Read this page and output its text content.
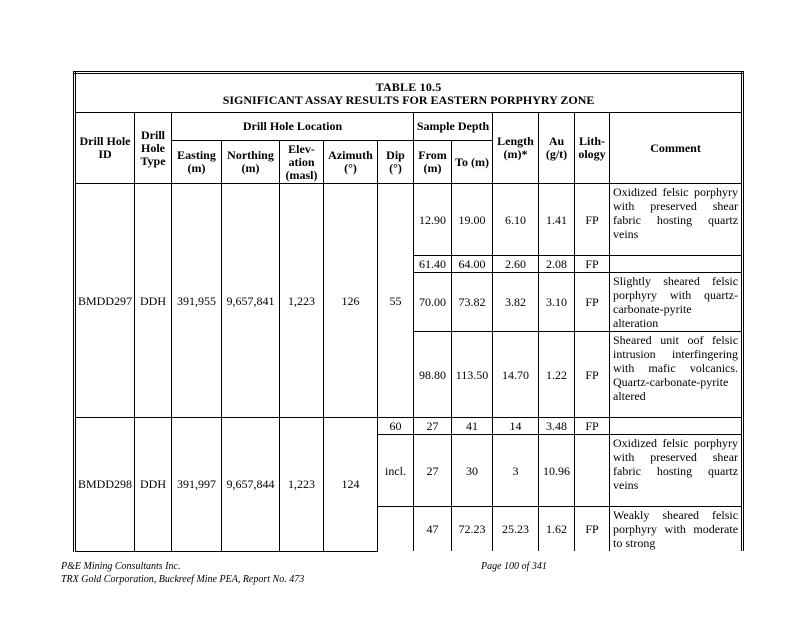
TABLE 10.5
SIGNIFICANT ASSAY RESULTS FOR EASTERN PORPHYRY ZONE												

Drill Hole ID	Drill Hole Type	Drill Hole Location					Sample Depth		Length (m)*	Au (g/t)	Lith-ology	Comment
		Easting (m)	Northing (m)	Elev-ation (masl)	Azimuth (°)	Dip (°)	From (m)	To (m)				
BMDD297	DDH	391,955	9,657,841	1,223	126	55	12.90	19.00	6.10	1.41	FP	Oxidized felsic porphyry with preserved shear fabric hosting quartz veins
							61.40	64.00	2.60	2.08	FP	
							70.00	73.82	3.82	3.10	FP	Slightly sheared felsic porphyry with quartz-carbonate-pyrite alteration
							98.80	113.50	14.70	1.22	FP	Sheared unit oof felsic intrusion interfingering with mafic volcanics. Quartz-carbonate-pyrite altered
BMDD298	DDH	391,997	9,657,844	1,223	124	60	27	41	14	3.48	FP	
						incl.	27	30	3	10.96		Oxidized felsic porphyry with preserved shear fabric hosting quartz veins
							47	72.23	25.23	1.62	FP	Weakly sheared felsic porphyry with moderate to strong
P&E Mining Consultants Inc.
TRX Gold Corporation, Buckreef Mine PEA, Report No. 473
Page 100 of 341
